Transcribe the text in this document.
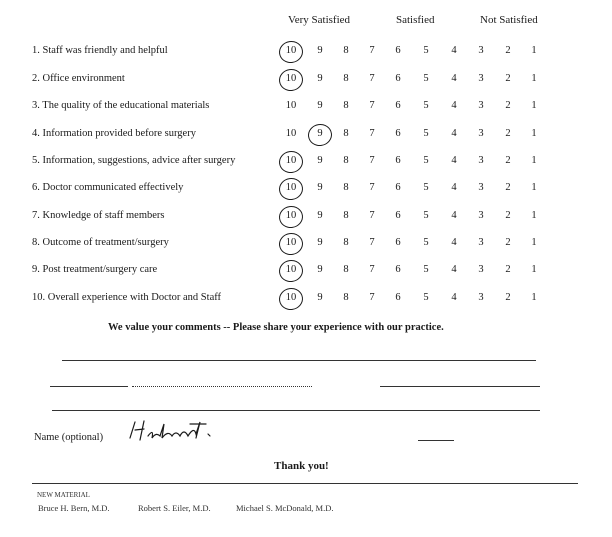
Very Satisfied	Satisfied	Not Satisfied
1. Staff was friendly and helpful	10	9	8	7	6	5	4	3	2	1
2. Office environment	10	9	8	7	6	5	4	3	2	1
3. The quality of the educational materials	10	9	8	7	6	5	4	3	2	1
4. Information provided before surgery	10	9	8	7	6	5	4	3	2	1
5. Information, suggestions, advice after surgery	10	9	8	7	6	5	4	3	2	1
6. Doctor communicated effectively	10	9	8	7	6	5	4	3	2	1
7. Knowledge of staff members	10	9	8	7	6	5	4	3	2	1
8. Outcome of treatment/surgery	10	9	8	7	6	5	4	3	2	1
9. Post treatment/surgery care	10	9	8	7	6	5	4	3	2	1
10. Overall experience with Doctor and Staff	10	9	8	7	6	5	4	3	2	1
We value your comments -- Please share your experience with our practice.
Name (optional)
Thank you!
NEW MATERIAL
Bruce H. Bern, M.D.	Robert S. Eiler, M.D.	Michael S. McDonald, M.D.
